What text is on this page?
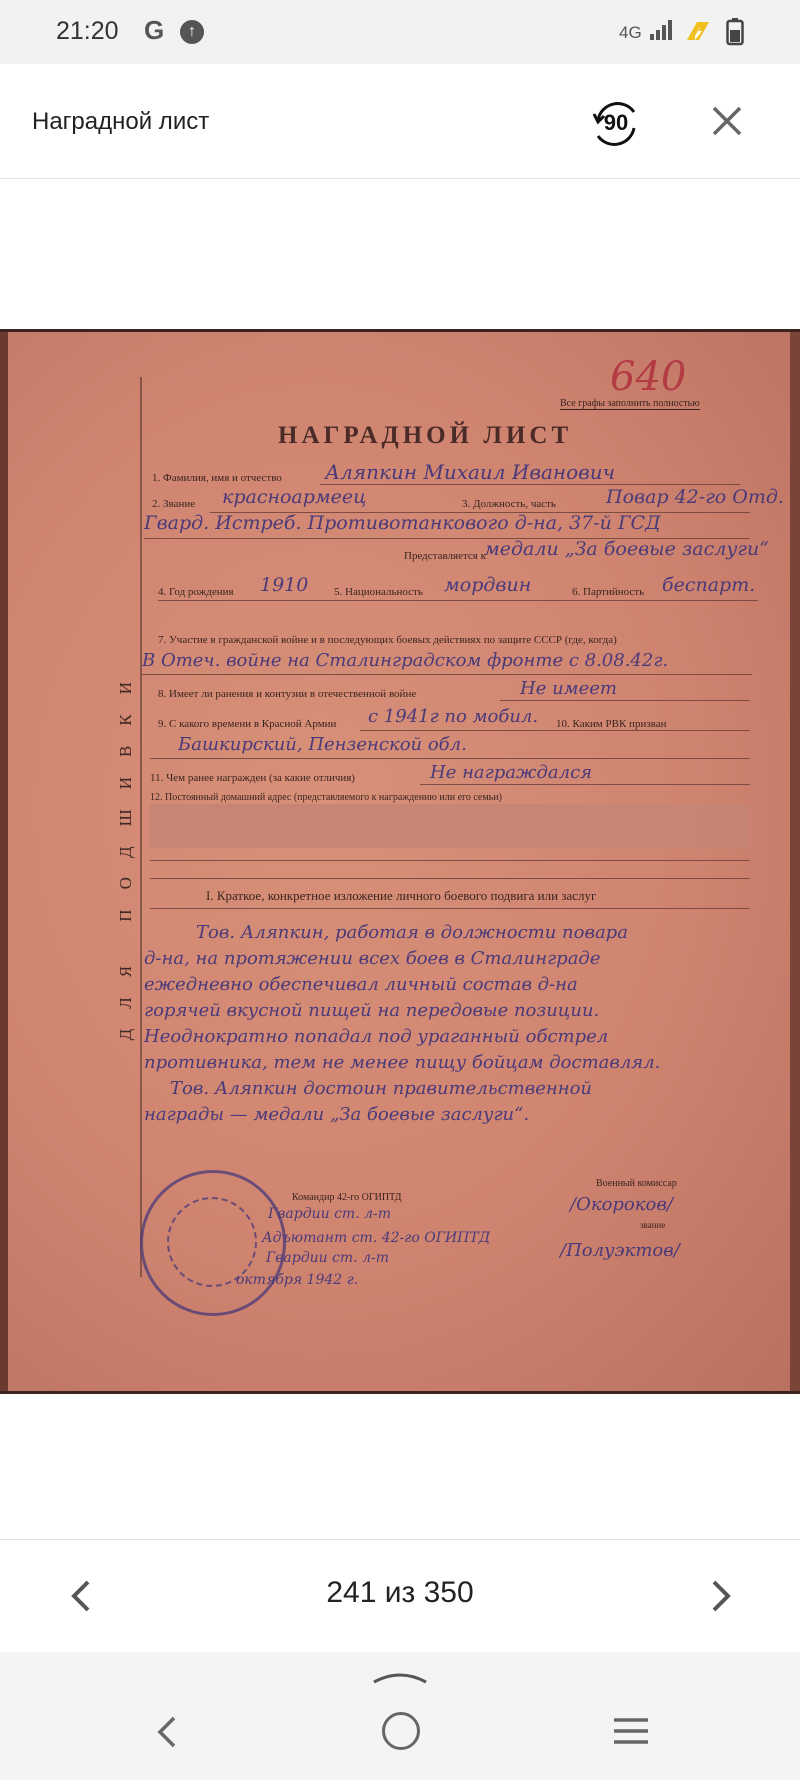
21:20 G	↑	4G
Наградной лист	90
ДЛЯ ПОДШИВКИ
Все графы заполнить полностью
640
НАГРАДНОЙ ЛИСТ
1. Фамилия, имя и отчество Аляпкин Михаил Иванович
2. Звание красноармеец	3. Должность, часть	Повар 42-го Отд.
Гвард. Истреб. Противотанкового д-на, 37-й ГСД
Представляется к
медали „За боевые заслуги“
4. Год рождения 1910 5. Национальность мордвин	6. Партийность беспарт.
7. Участие в гражданской войне и в последующих боевых действиях по защите СССР (где, когда)
В Отеч. войне на Сталинградском фронте с 8.08.42г.
8. Имеет ли ранения и контузии в отечественной войне	Не имеет
9. С какого времени в Красной Армии с 1941г по мобил. 10. Каким РВК призван
Башкирский, Пензенской обл.
11. Чем ранее награжден (за какие отличия)	Не награждался
12. Постоянный домашний адрес (представляемого к награждению или его семьи)
I. Краткое, конкретное изложение личного боевого подвига или заслуг
Тов. Аляпкин, работая в должности повара
д-на, на протяжении всех боев в Сталинграде
ежедневно обеспечивал личный состав д-на
горячей вкусной пищей на передовые позиции.
Неоднократно попадал под ураганный обстрел
противника, тем не менее пищу бойцам доставлял.
Тов. Аляпкин достоин правительственной
награды — медали „За боевые заслуги“.
Командир 42-го ОГИПТД
Гвардии ст. л-т	/Окороков/
Военный комиссар
звание
Адъютант ст. 42-го ОГИПТД
Гвардии ст. л-т	/Полуэктов/
октября 1942 г.
241 из 350
